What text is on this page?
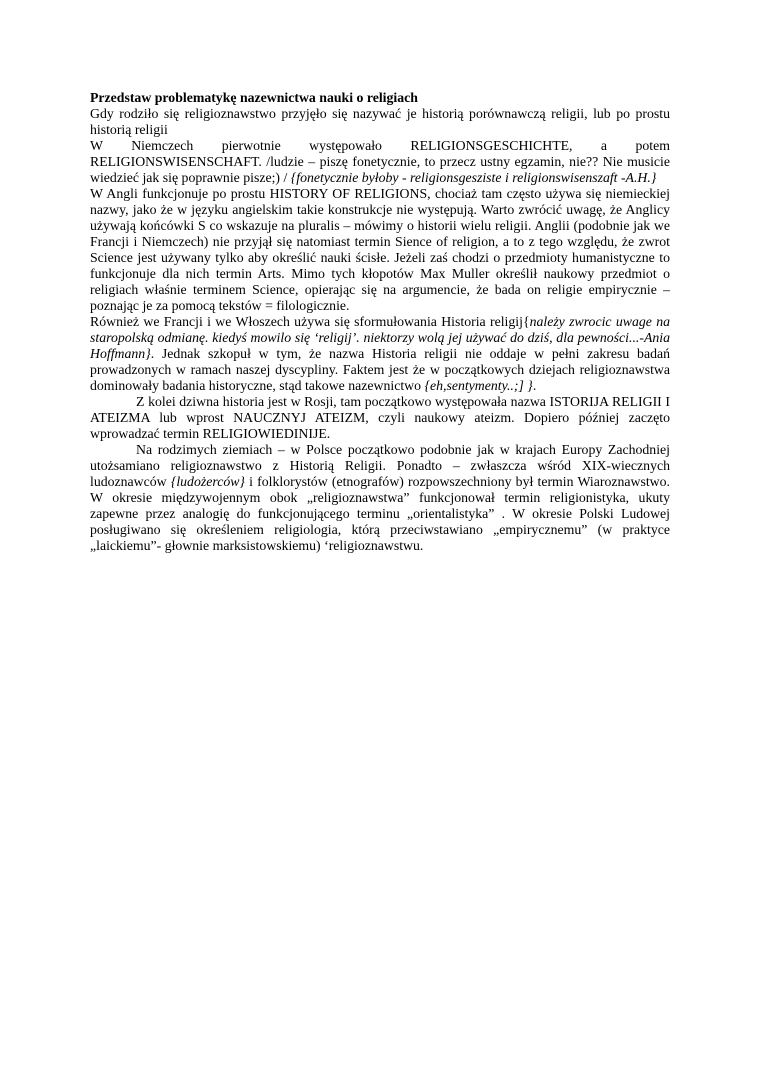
Przedstaw problematykę nazewnictwa nauki o religiach

Gdy rodziło się religioznawstwo przyjęło się nazywać je historią porównawczą religii, lub po prostu historią religii

W Niemczech pierwotnie występowało RELIGIONSGESCHICHTE, a potem RELIGIONSWISENSCHAFT. /ludzie – piszę fonetycznie, to przecz ustny egzamin, nie?? Nie musicie wiedzieć jak się poprawnie pisze;) / {fonetycznie byłoby - religionsgesziste i religionswisenszaft -A.H.}

W Angli funkcjonuje po prostu HISTORY OF RELIGIONS, chociaż tam często używa się niemieckiej nazwy, jako że w języku angielskim takie konstrukcje nie występują. Warto zwrócić uwagę, że Anglicy używają końcówki S co wskazuje na pluralis – mówimy o historii wielu religii. Anglii (podobnie jak we Francji i Niemczech) nie przyjął się natomiast termin Sience of religion, a to z tego względu, że zwrot Science jest używany tylko aby określić nauki ścisłe. Jeżeli zaś chodzi o przedmioty humanistyczne to funkcjonuje dla nich termin Arts. Mimo tych kłopotów Max Muller określił naukowy przedmiot o religiach właśnie terminem Science, opierając się na argumencie, że bada on religie empirycznie –poznając je za pomocą tekstów = filologicznie.

Również we Francji i we Włoszech używa się sformułowania Historia religij{należy zwrocic uwage na staropolską odmianę. kiedyś mowilo się ‘religij’. niektorzy wolą jej używać do dziś, dla pewności...-Ania Hoffmann}. Jednak szkopuł w tym, że nazwa Historia religii nie oddaje w pełni zakresu badań prowadzonych w ramach naszej dyscypliny. Faktem jest że w początkowych dziejach religioznawstwa dominowały badania historyczne, stąd takowe nazewnictwo {eh,sentymenty..;] }.

Z kolei dziwna historia jest w Rosji, tam początkowo występowała nazwa ISTORIJA RELIGII I ATEIZMA lub wprost NAUCZNYJ ATEIZM, czyli naukowy ateizm. Dopiero później zaczęto wprowadzać termin RELIGIOWIEDINIJE.

Na rodzimych ziemiach – w Polsce początkowo podobnie jak w krajach Europy Zachodniej utożsamiano religioznawstwo z Historią Religii. Ponadto – zwłaszcza wśród XIX-wiecznych ludoznawców {ludożerców} i folklorystów (etnografów) rozpowszechniony był termin Wiaroznawstwo. W okresie międzywojennym obok „religioznawstwa” funkcjonował termin religionistyka, ukuty zapewne przez analogię do funkcjonującego terminu „orientalistyka” . W okresie Polski Ludowej posługiwano się określeniem religiologia, którą przeciwstawiano „empirycznemu” (w praktyce „laickiemu”- głownie marksistowskiemu) ‘religioznawstwu.
